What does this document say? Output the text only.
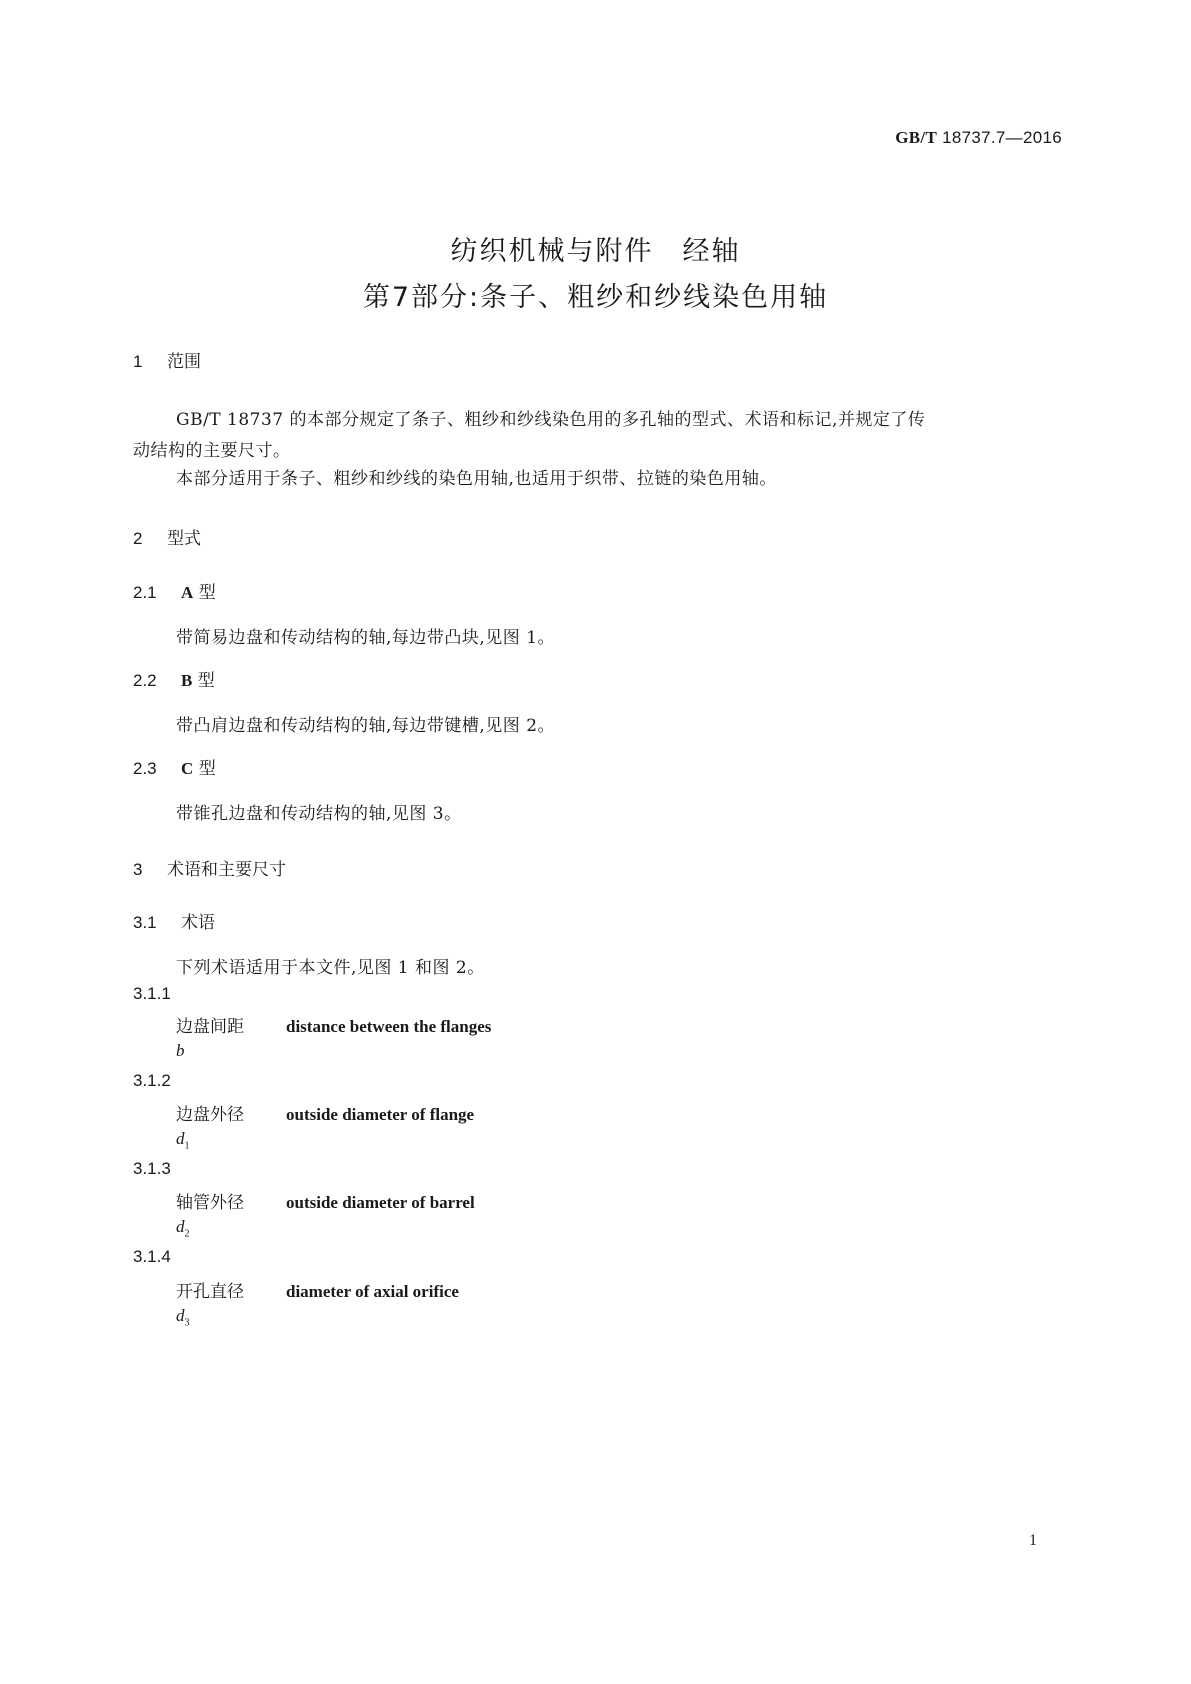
GB/T 18737.7—2016
纺织机械与附件　经轴
第7部分:条子、粗纱和纱线染色用轴
1 范围
GB/T 18737 的本部分规定了条子、粗纱和纱线染色用的多孔轴的型式、术语和标记,并规定了传
动结构的主要尺寸。
本部分适用于条子、粗纱和纱线的染色用轴,也适用于织带、拉链的染色用轴。
2 型式
2.1 A 型
带简易边盘和传动结构的轴,每边带凸块,见图 1。
2.2 B 型
带凸肩边盘和传动结构的轴,每边带键槽,见图 2。
2.3 C 型
带锥孔边盘和传动结构的轴,见图 3。
3 术语和主要尺寸
3.1 术语
下列术语适用于本文件,见图 1 和图 2。
3.1.1
边盘间距 distance between the flanges
b
3.1.2
边盘外径 outside diameter of flange
$d_1$
3.1.3
轴管外径 outside diameter of barrel
$d_2$
3.1.4
开孔直径 diameter of axial orifice
$d_3$
1
